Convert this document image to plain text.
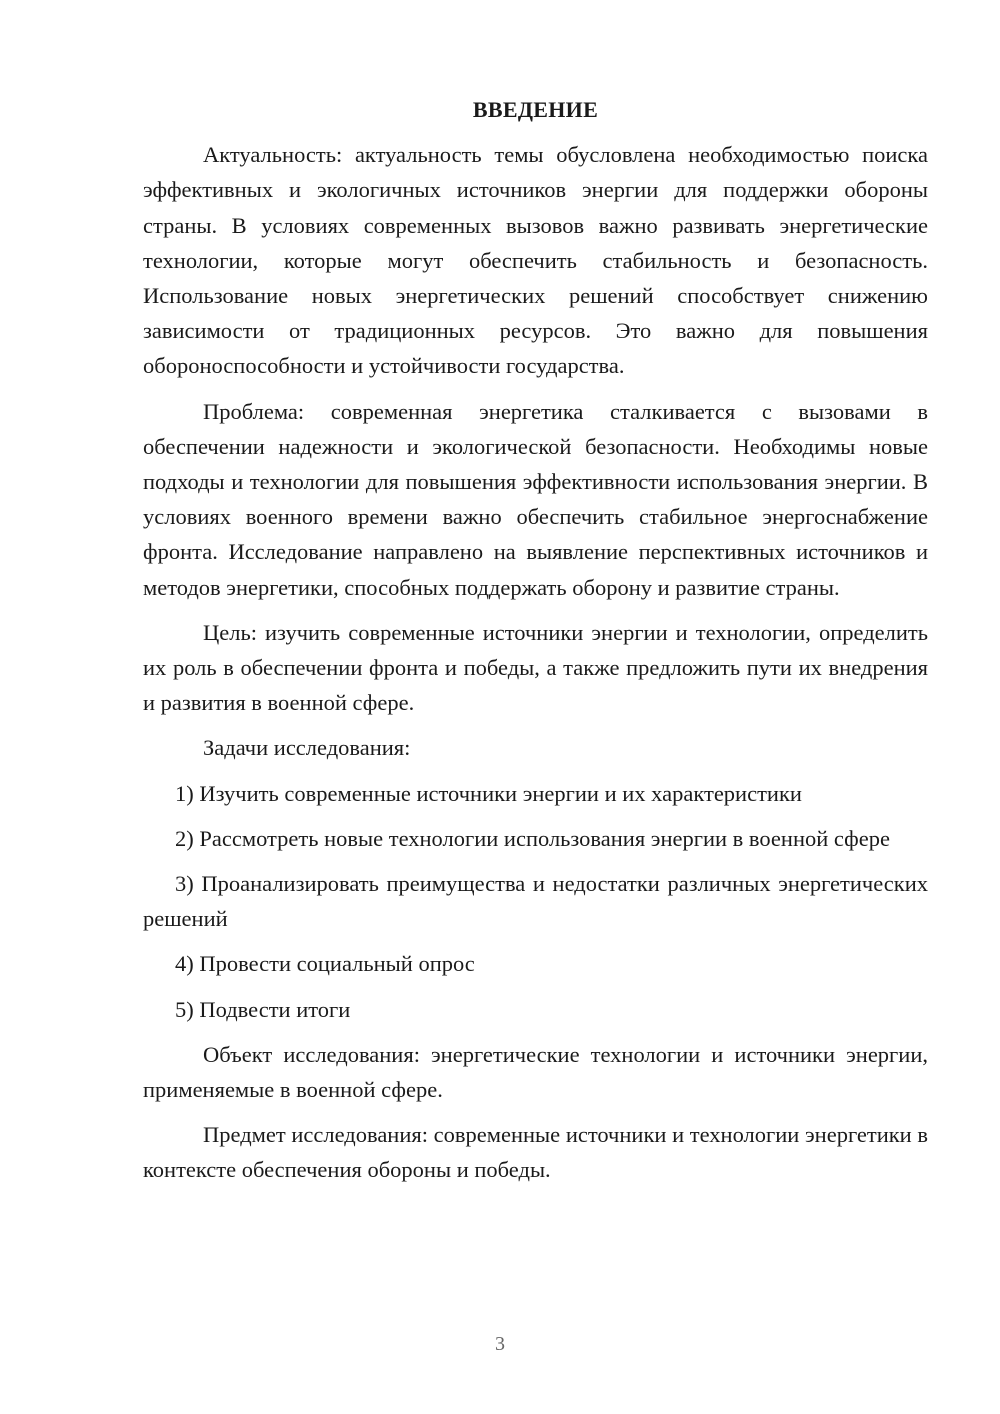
ВВЕДЕНИЕ

Актуальность: актуальность темы обусловлена необходимостью поиска эффективных и экологичных источников энергии для поддержки обороны страны. В условиях современных вызовов важно развивать энергетические технологии, которые могут обеспечить стабильность и безопасность. Использование новых энергетических решений способствует снижению зависимости от традиционных ресурсов. Это важно для повышения обороноспособности и устойчивости государства.

Проблема: современная энергетика сталкивается с вызовами в обеспечении надежности и экологической безопасности. Необходимы новые подходы и технологии для повышения эффективности использования энергии. В условиях военного времени важно обеспечить стабильное энергоснабжение фронта. Исследование направлено на выявление перспективных источников и методов энергетики, способных поддержать оборону и развитие страны.

Цель: изучить современные источники энергии и технологии, определить их роль в обеспечении фронта и победы, а также предложить пути их внедрения и развития в военной сфере.

Задачи исследования:

1) Изучить современные источники энергии и их характеристики

2) Рассмотреть новые технологии использования энергии в военной сфере

3) Проанализировать преимущества и недостатки различных энергетических решений

4) Провести социальный опрос

5) Подвести итоги

Объект исследования: энергетические технологии и источники энергии, применяемые в военной сфере.

Предмет исследования: современные источники и технологии энергетики в контексте обеспечения обороны и победы.

3
